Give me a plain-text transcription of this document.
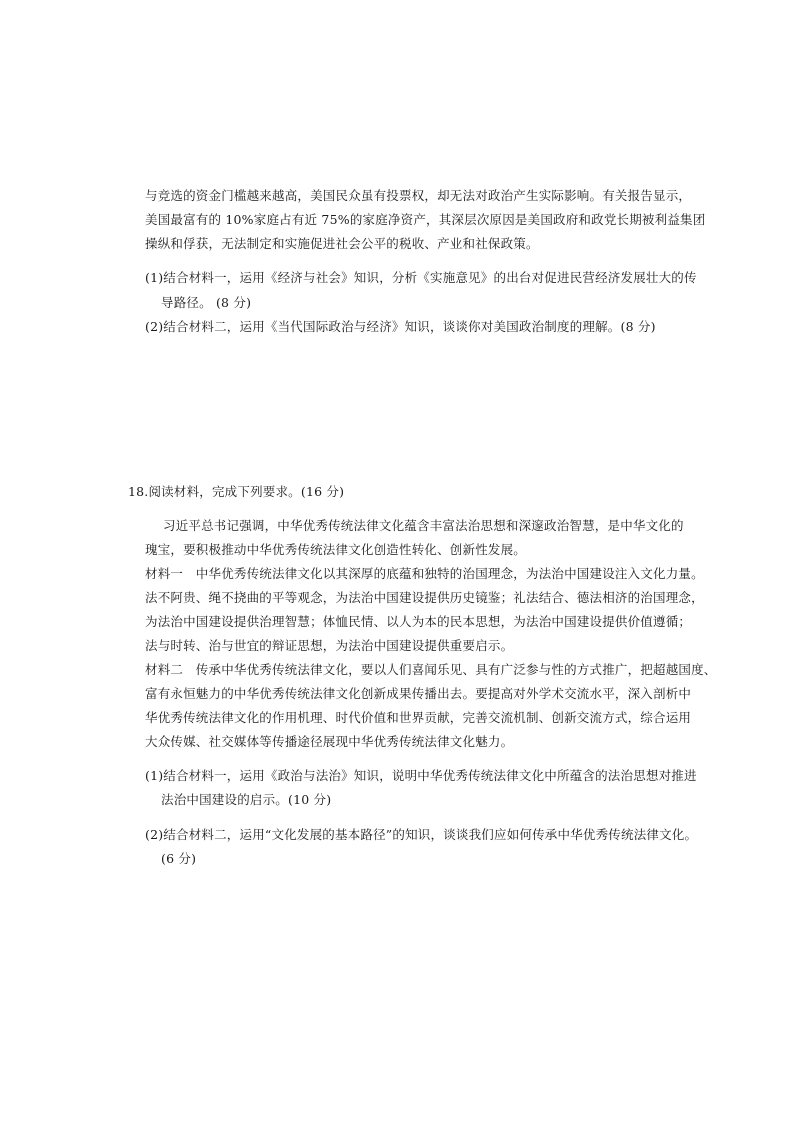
与竞选的资金门槛越来越高，美国民众虽有投票权，却无法对政治产生实际影响。有关报告显示，
美国最富有的 10%家庭占有近 75%的家庭净资产，其深层次原因是美国政府和政党长期被利益集团
操纵和俘获，无法制定和实施促进社会公平的税收、产业和社保政策。
(1)结合材料一，运用《经济与社会》知识，分析《实施意见》的出台对促进民营经济发展壮大的传
导路径。 (8 分)
(2)结合材料二，运用《当代国际政治与经济》知识，谈谈你对美国政治制度的理解。(8 分)
18.阅读材料，完成下列要求。(16 分)
习近平总书记强调，中华优秀传统法律文化蕴含丰富法治思想和深邃政治智慧，是中华文化的
瑰宝，要积极推动中华优秀传统法律文化创造性转化、创新性发展。
材料一　中华优秀传统法律文化以其深厚的底蕴和独特的治国理念，为法治中国建设注入文化力量。
法不阿贵、绳不挠曲的平等观念，为法治中国建设提供历史镜鉴；礼法结合、德法相济的治国理念，
为法治中国建设提供治理智慧；体恤民情、以人为本的民本思想，为法治中国建设提供价值遵循；
法与时转、治与世宜的辩证思想，为法治中国建设提供重要启示。
材料二　传承中华优秀传统法律文化，要以人们喜闻乐见、具有广泛参与性的方式推广，把超越国度、
富有永恒魅力的中华优秀传统法律文化创新成果传播出去。要提高对外学术交流水平，深入剖析中
华优秀传统法律文化的作用机理、时代价值和世界贡献，完善交流机制、创新交流方式，综合运用
大众传媒、社交媒体等传播途径展现中华优秀传统法律文化魅力。
(1)结合材料一，运用《政治与法治》知识，说明中华优秀传统法律文化中所蕴含的法治思想对推进
法治中国建设的启示。(10 分)
(2)结合材料二，运用“文化发展的基本路径”的知识，谈谈我们应如何传承中华优秀传统法律文化。
(6 分)
